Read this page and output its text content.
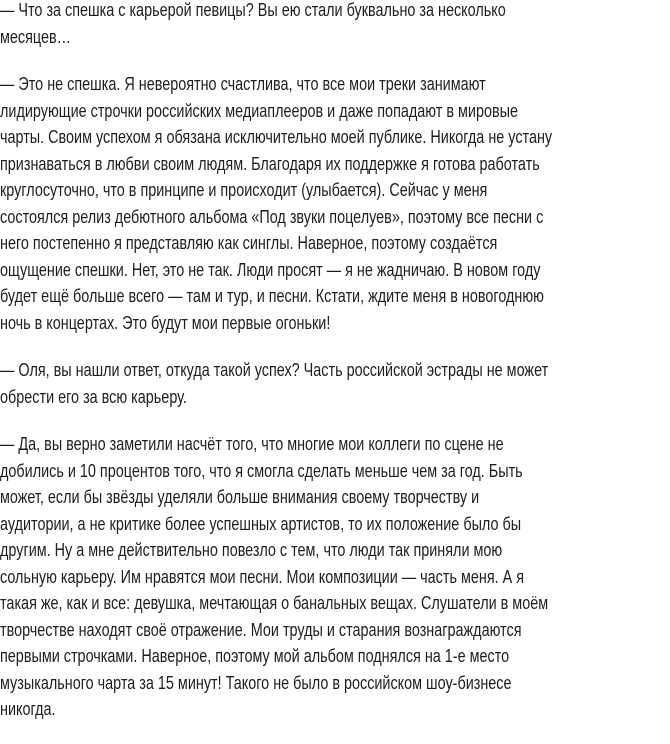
— Что за спешка с карьерой певицы? Вы ею стали буквально за несколько
месяцев…

— Это не спешка. Я невероятно счастлива, что все мои треки занимают
лидирующие строчки российских медиаплееров и даже попадают в мировые
чарты. Своим успехом я обязана исключительно моей публике. Никогда не устану
признаваться в любви своим людям. Благодаря их поддержке я готова работать
круглосуточно, что в принципе и происходит (улыбается). Сейчас у меня
состоялся релиз дебютного альбома «Под звуки поцелуев», поэтому все песни с
него постепенно я представляю как синглы. Наверное, поэтому создаётся
ощущение спешки. Нет, это не так. Люди просят — я не жадничаю. В новом году
будет ещё больше всего — там и тур, и песни. Кстати, ждите меня в новогоднюю
ночь в концертах. Это будут мои первые огоньки!

— Оля, вы нашли ответ, откуда такой успех? Часть российской эстрады не может
обрести его за всю карьеру.

— Да, вы верно заметили насчёт того, что многие мои коллеги по сцене не
добились и 10 процентов того, что я смогла сделать меньше чем за год. Быть
может, если бы звёзды уделяли больше внимания своему творчеству и
аудитории, а не критике более успешных артистов, то их положение было бы
другим. Ну а мне действительно повезло с тем, что люди так приняли мою
сольную карьеру. Им нравятся мои песни. Мои композиции — часть меня. А я
такая же, как и все: девушка, мечтающая о банальных вещах. Слушатели в моём
творчестве находят своё отражение. Мои труды и старания вознаграждаются
первыми строчками. Наверное, поэтому мой альбом поднялся на 1-е место
музыкального чарта за 15 минут! Такого не было в российском шоу-бизнесе
никогда.
